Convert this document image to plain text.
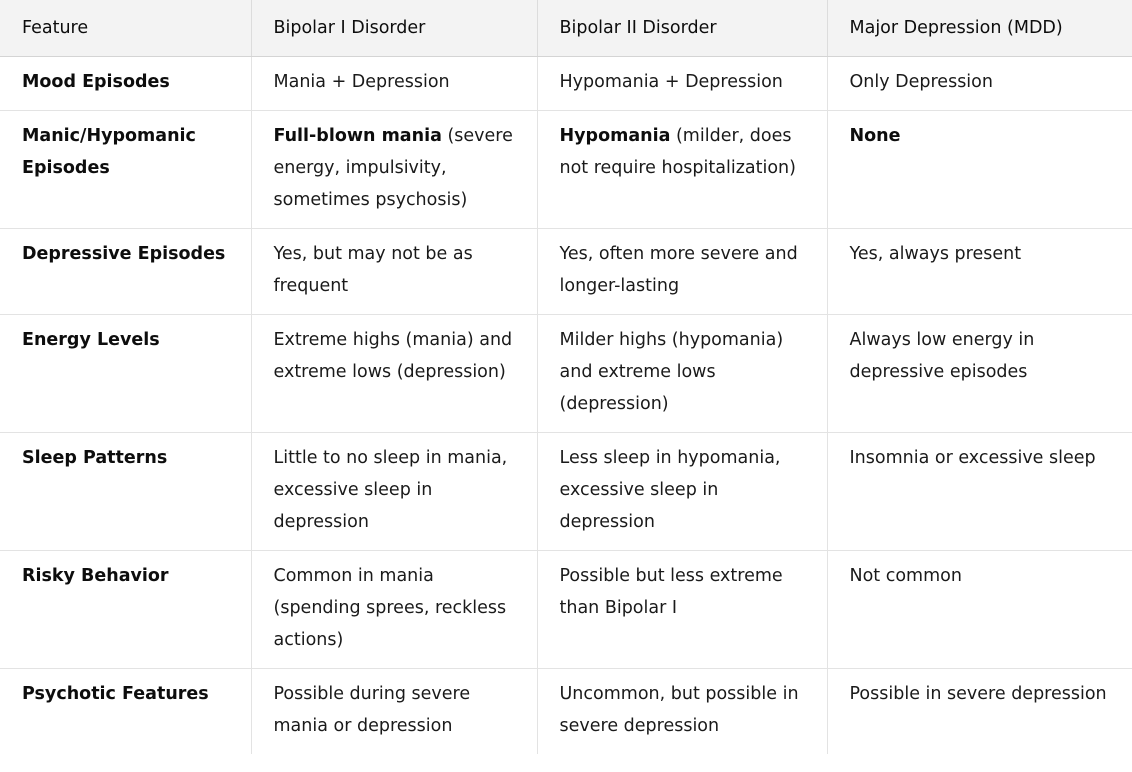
Feature	Bipolar I Disorder	Bipolar II Disorder	Major Depression (MDD)
Mood Episodes	Mania + Depression	Hypomania + Depression	Only Depression
Manic/Hypomanic Episodes	Full-blown mania (severe energy, impulsivity, sometimes psychosis)	Hypomania (milder, does not require hospitalization)	None
Depressive Episodes	Yes, but may not be as frequent	Yes, often more severe and longer-lasting	Yes, always present
Energy Levels	Extreme highs (mania) and extreme lows (depression)	Milder highs (hypomania) and extreme lows (depression)	Always low energy in depressive episodes
Sleep Patterns	Little to no sleep in mania, excessive sleep in depression	Less sleep in hypomania, excessive sleep in depression	Insomnia or excessive sleep
Risky Behavior	Common in mania (spending sprees, reckless actions)	Possible but less extreme than Bipolar I	Not common
Psychotic Features	Possible during severe mania or depression	Uncommon, but possible in severe depression	Possible in severe depression
